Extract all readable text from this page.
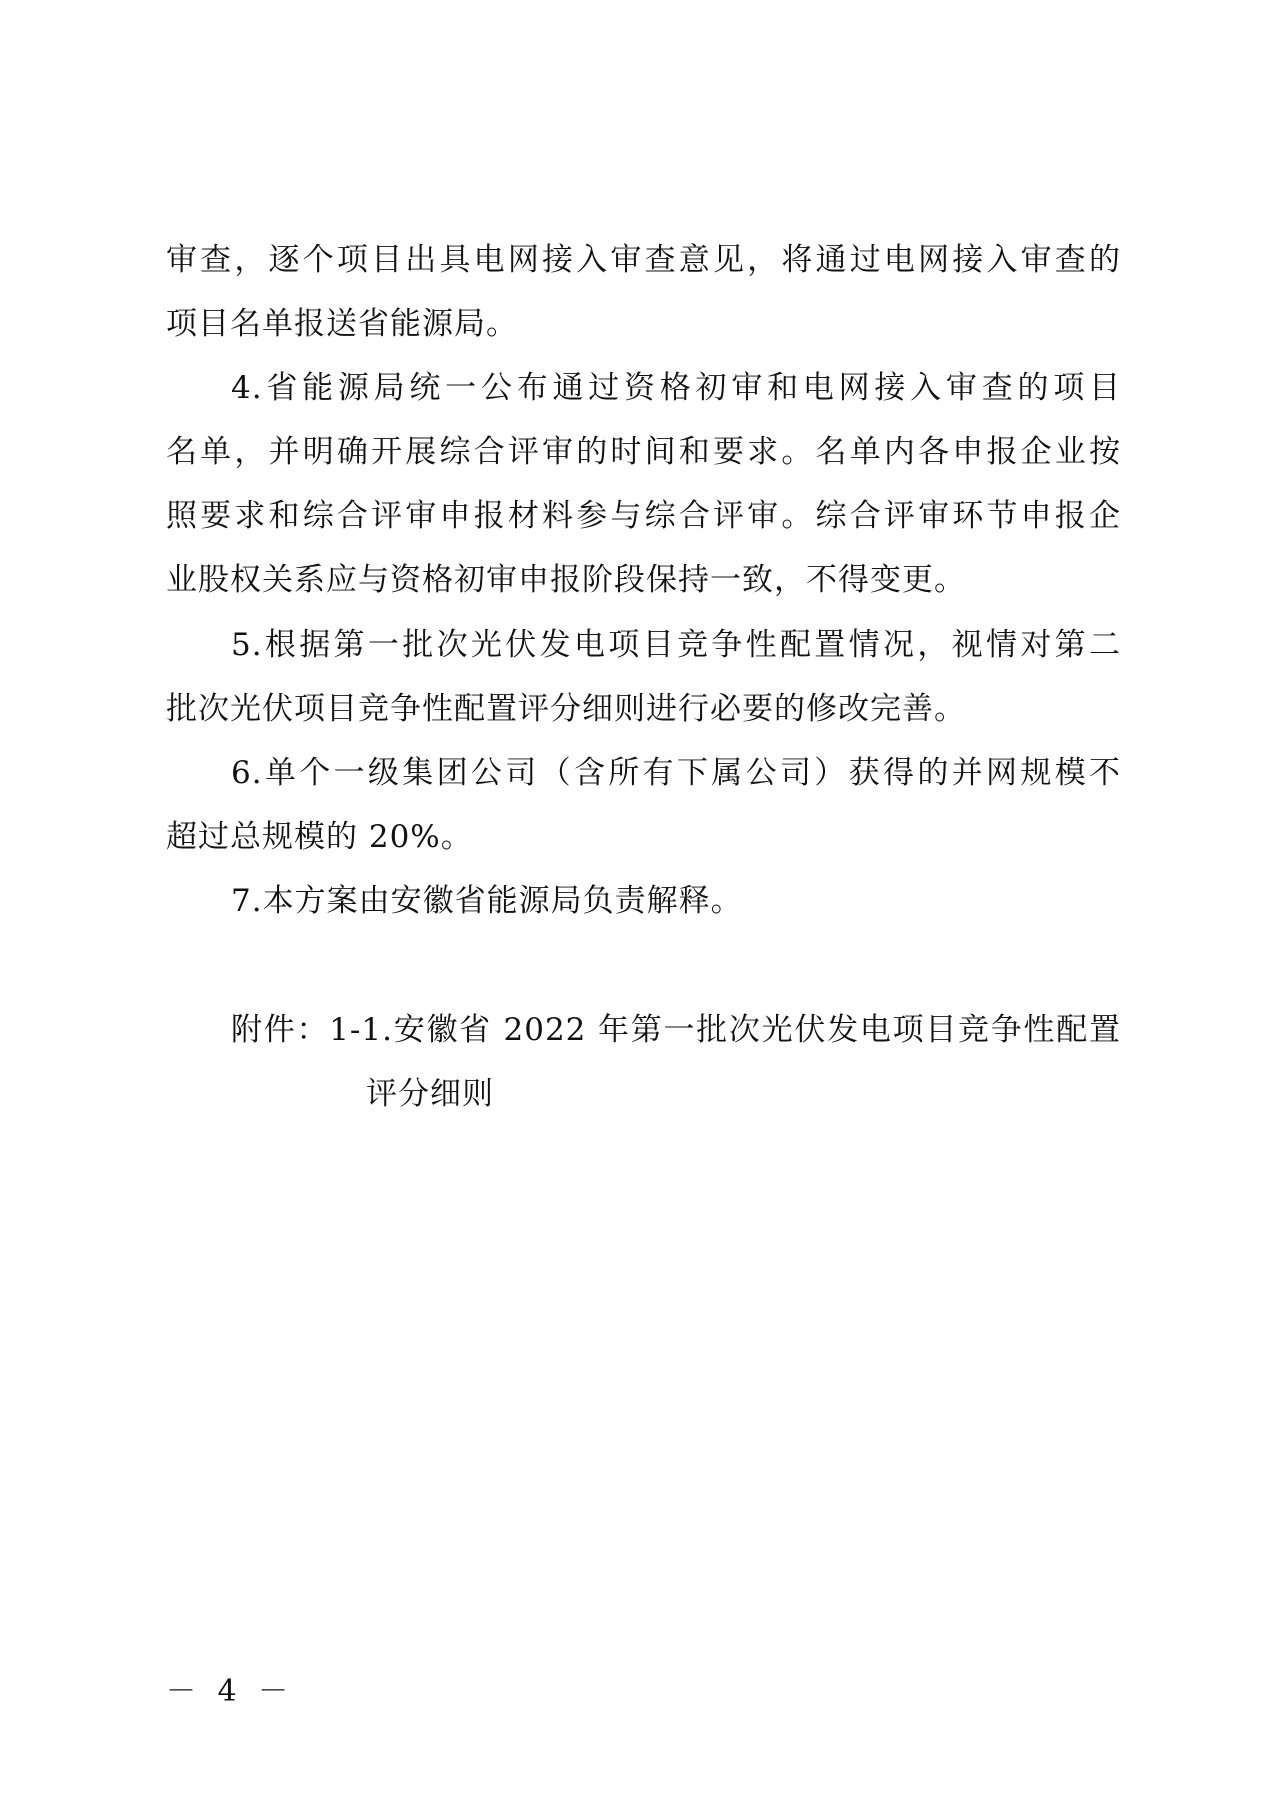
审查，逐个项目出具电网接入审查意见，将通过电网接入审查的
项目名单报送省能源局。
4.省能源局统一公布通过资格初审和电网接入审查的项目
名单，并明确开展综合评审的时间和要求。名单内各申报企业按
照要求和综合评审申报材料参与综合评审。综合评审环节申报企
业股权关系应与资格初审申报阶段保持一致，不得变更。
5.根据第一批次光伏发电项目竞争性配置情况，视情对第二
批次光伏项目竞争性配置评分细则进行必要的修改完善。
6.单个一级集团公司（含所有下属公司）获得的并网规模不
超过总规模的 20%。
7.本方案由安徽省能源局负责解释。
附件：1-1.安徽省 2022 年第一批次光伏发电项目竞争性配置
评分细则
－ 4 －
